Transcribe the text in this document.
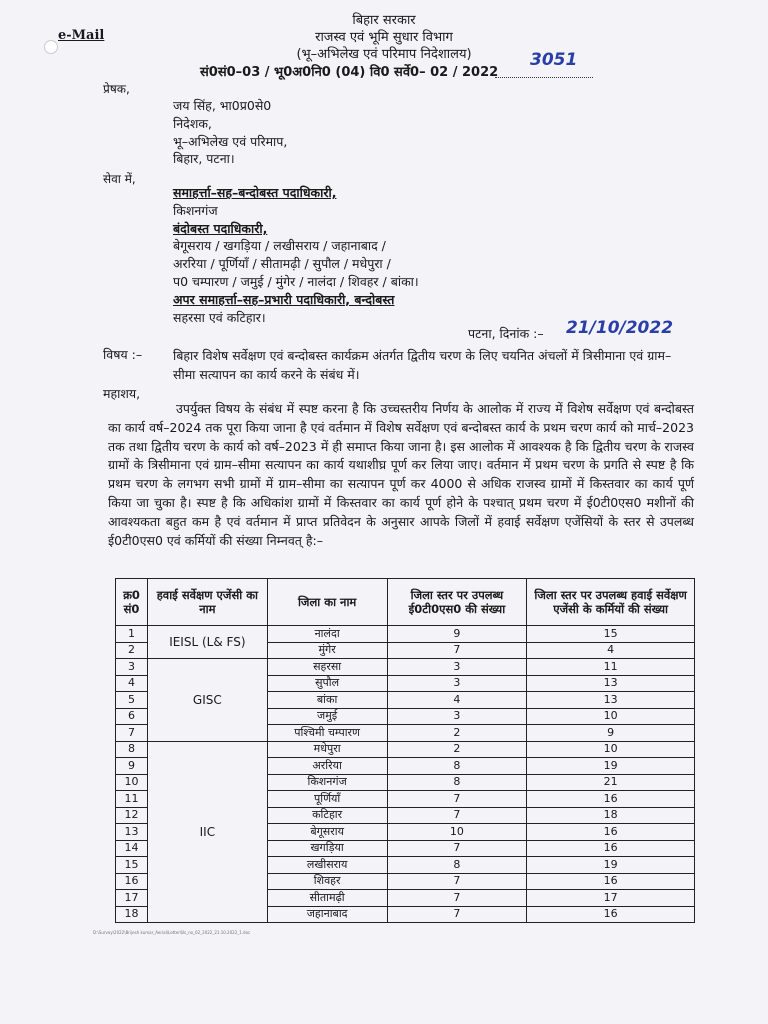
e-Mail
बिहार सरकार
राजस्व एवं भूमि सुधार विभाग
(भू–अभिलेख एवं परिमाप निदेशालय)
सं0सं0–03 / भू0अ0नि0 (04) वि0 सर्वे0– 02 / 2022
3051
प्रेषक,
जय सिंह, भा0प्र0से0
निदेशक,
भू–अभिलेख एवं परिमाप,
बिहार, पटना।
सेवा में,
समाहर्त्ता–सह–बन्दोबस्त पदाधिकारी,
किशनगंज
बंदोबस्त पदाधिकारी,
बेगूसराय / खगड़िया / लखीसराय / जहानाबाद /
अररिया / पूर्णियाँ / सीतामढ़ी / सुपौल / मधेपुरा /
प0 चम्पारण / जमुई / मुंगेर / नालंदा / शिवहर / बांका।
अपर समाहर्त्ता–सह–प्रभारी पदाधिकारी, बन्दोबस्त
सहरसा एवं कटिहार।
पटना, दिनांक :– 21/10/2022
विषय :– बिहार विशेष सर्वेक्षण एवं बन्दोबस्त कार्यक्रम अंतर्गत द्वितीय चरण के लिए चयनित अंचलों में त्रिसीमाना एवं ग्राम–सीमा सत्यापन का कार्य करने के संबंध में।
महाशय,
उपर्युक्त विषय के संबंध में स्पष्ट करना है कि उच्चस्तरीय निर्णय के आलोक में राज्य में विशेष सर्वेक्षण एवं बन्दोबस्त का कार्य वर्ष–2024 तक पूरा किया जाना है एवं वर्तमान में विशेष सर्वेक्षण एवं बन्दोबस्त कार्य के प्रथम चरण कार्य को मार्च–2023 तक तथा द्वितीय चरण के कार्य को वर्ष–2023 में ही समाप्त किया जाना है। इस आलोक में आवश्यक है कि द्वितीय चरण के राजस्व ग्रामों के त्रिसीमाना एवं ग्राम–सीमा सत्यापन का कार्य यथाशीघ्र पूर्ण कर लिया जाए। वर्तमान में प्रथम चरण के प्रगति से स्पष्ट है कि प्रथम चरण के लगभग सभी ग्रामों में ग्राम–सीमा का सत्यापन पूर्ण कर 4000 से अधिक राजस्व ग्रामों में किस्तवार का कार्य पूर्ण किया जा चुका है। स्पष्ट है कि अधिकांश ग्रामों में किस्तवार का कार्य पूर्ण होने के पश्चात् प्रथम चरण में ई0टी0एस0 मशीनों की आवश्यकता बहुत कम है एवं वर्तमान में प्राप्त प्रतिवेदन के अनुसार आपके जिलों में हवाई सर्वेक्षण एजेंसियों के स्तर से उपलब्ध ई0टी0एस0 एवं कर्मियों की संख्या निम्नवत् है:–
क्र0 सं0	हवाई सर्वेक्षण एजेंसी का नाम	जिला का नाम	जिला स्तर पर उपलब्ध ई0टी0एस0 की संख्या	जिला स्तर पर उपलब्ध हवाई सर्वेक्षण एजेंसी के कर्मियों की संख्या
1	IEISL (L& FS)	नालंदा	9	15
2		मुंगेर	7	4
3	GISC	सहरसा	3	11
4		सुपौल	3	13
5		बांका	4	13
6		जमुई	3	10
7		पश्चिमी चम्पारण	2	9
8	IIC	मधेपुरा	2	10
9		अररिया	8	19
10		किशनगंज	8	21
11		पूर्णियाँ	7	16
12		कटिहार	7	18
13		बेगूसराय	10	16
14		खगड़िया	7	16
15		लखीसराय	8	19
16		शिवहर	7	16
17		सीतामढ़ी	7	17
18		जहानाबाद	7	16
D:\Survey\2022\Brijesh kumar_Aerial\Letter\Bs_no_02_2022_21.10.2022_1.doc
